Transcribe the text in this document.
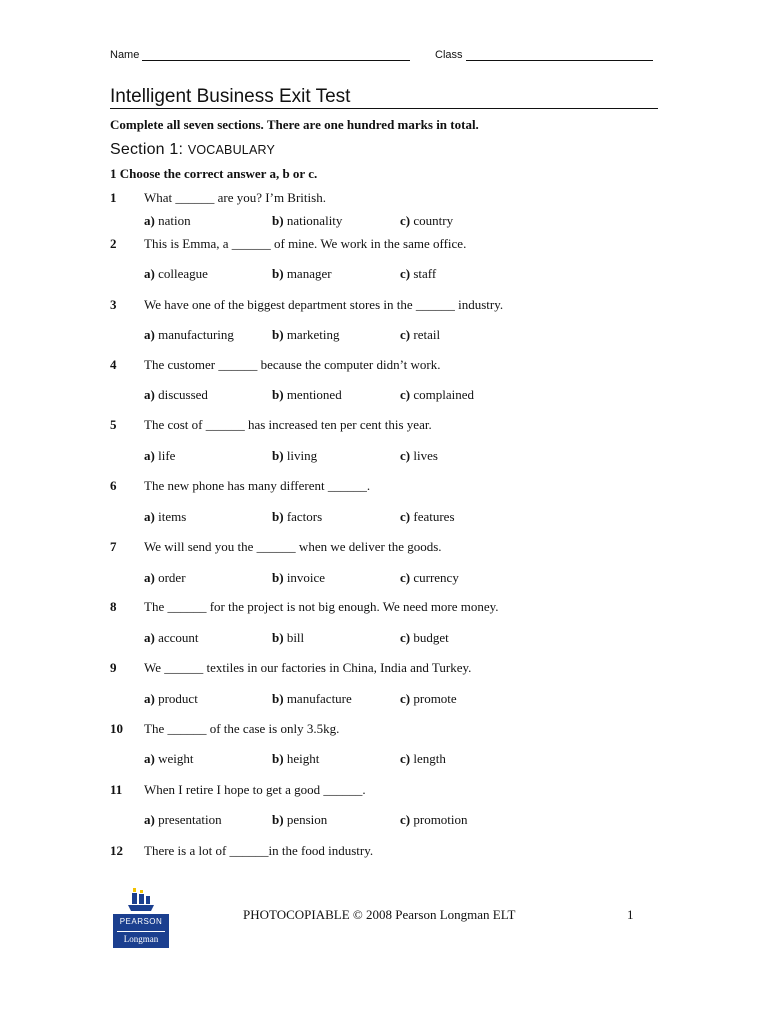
Name	Class
Intelligent Business Exit Test
Complete all seven sections. There are one hundred marks in total.
Section 1: VOCABULARY
1 Choose the correct answer a, b or c.
1 What ______ are you? I’m British.
a) nation	b) nationality	c) country
2 This is Emma, a ______ of mine. We work in the same office.
a) colleague	b) manager	c) staff
3 We have one of the biggest department stores in the ______ industry.
a) manufacturing	b) marketing	c) retail
4 The customer ______ because the computer didn’t work.
a) discussed	b) mentioned	c) complained
5 The cost of ______ has increased ten per cent this year.
a) life	b) living	c) lives
6 The new phone has many different ______.
a) items	b) factors	c) features
7 We will send you the ______ when we deliver the goods.
a) order	b) invoice	c) currency
8 The ______ for the project is not big enough. We need more money.
a) account	b) bill	c) budget
9 We ______ textiles in our factories in China, India and Turkey.
a) product	b) manufacture	c) promote
10 The ______ of the case is only 3.5kg.
a) weight	b) height	c) length
11 When I retire I hope to get a good ______.
a) presentation	b) pension	c) promotion
12 There is a lot of ______in the food industry.
PEARSON
Longman
PHOTOCOPIABLE © 2008 Pearson Longman ELT	1
